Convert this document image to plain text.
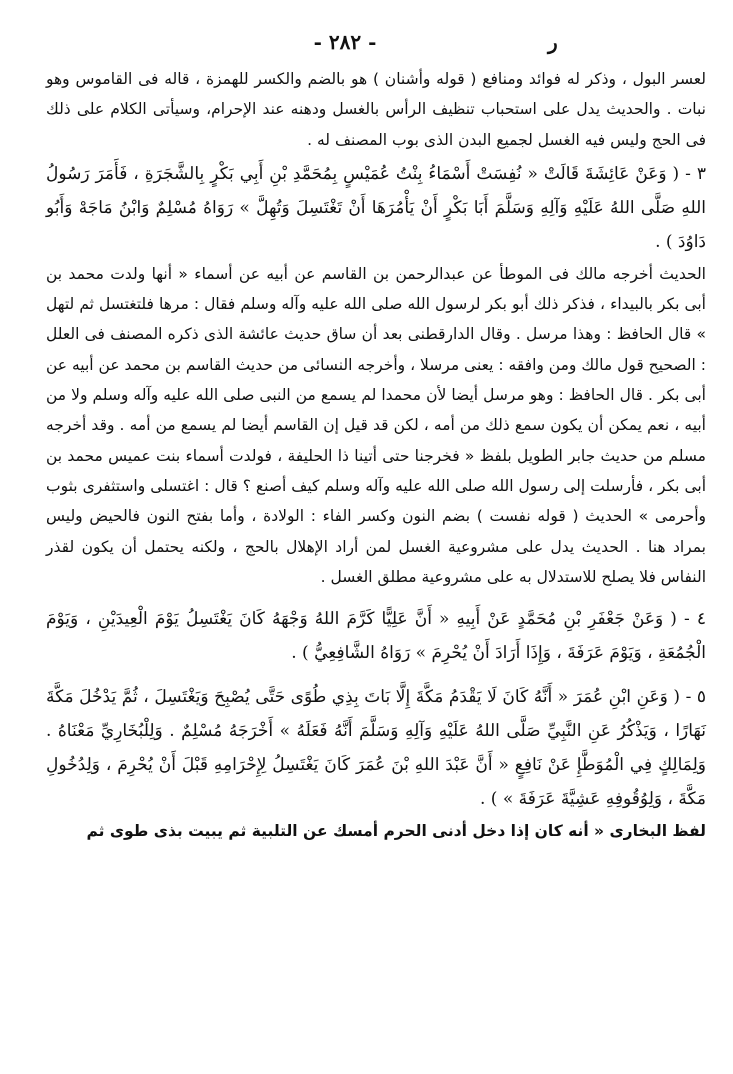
ر
- ٢٨٢ -

لعسر البول ، وذكر له فوائد ومنافع ( قوله وأشنان ) هو بالضم والكسر للهمزة ، قاله فى القاموس وهو نبات . والحديث يدل على استحباب تنظيف الرأس بالغسل ودهنه عند الإحرام، وسيأتى الكلام على ذلك فى الحج وليس فيه الغسل لجميع البدن الذى بوب المصنف له .

٣ - ( وَعَنْ عَائِشَةَ قَالَتْ « نُفِسَتْ أَسْمَاءُ بِنْتُ عُمَيْسٍ بِمُحَمَّدِ بْنِ أَبِي بَكْرٍ بِالشَّجَرَةِ ، فَأَمَرَ رَسُولُ اللهِ صَلَّى اللهُ عَلَيْهِ وَآلِهِ وَسَلَّمَ أَبَا بَكْرٍ أَنْ يَأْمُرَهَا أَنْ تَغْتَسِلَ وَتُهِلَّ » رَوَاهُ مُسْلِمٌ وَابْنُ مَاجَهْ وَأَبُو دَاوُدَ ) .

الحديث أخرجه مالك فى الموطأ عن عبدالرحمن بن القاسم عن أبيه عن أسماء « أنها ولدت محمد بن أبى بكر بالبيداء ، فذكر ذلك أبو بكر لرسول الله صلى الله عليه وآله وسلم فقال : مرها فلتغتسل ثم لتهل » قال الحافظ : وهذا مرسل . وقال الدارقطنى بعد أن ساق حديث عائشة الذى ذكره المصنف فى العلل : الصحيح قول مالك ومن وافقه : يعنى مرسلا ، وأخرجه النسائى من حديث القاسم بن محمد عن أبيه عن أبى بكر . قال الحافظ : وهو مرسل أيضا لأن محمدا لم يسمع من النبى صلى الله عليه وآله وسلم ولا من أبيه ، نعم يمكن أن يكون سمع ذلك من أمه ، لكن قد قيل إن القاسم أيضا لم يسمع من أمه . وقد أخرجه مسلم من حديث جابر الطويل بلفظ « فخرجنا حتى أتينا ذا الحليفة ، فولدت أسماء بنت عميس محمد بن أبى بكر ، فأرسلت إلى رسول الله صلى الله عليه وآله وسلم كيف أصنع ؟ قال : اغتسلى واستثفرى بثوب وأحرمى » الحديث ( قوله نفست ) بضم النون وكسر الفاء : الولادة ، وأما بفتح النون فالحيض وليس بمراد هنا . الحديث يدل على مشروعية الغسل لمن أراد الإهلال بالحج ، ولكنه يحتمل أن يكون لقذر النفاس فلا يصلح للاستدلال به على مشروعية مطلق الغسل .

٤ - ( وَعَنْ جَعْفَرِ بْنِ مُحَمَّدٍ عَنْ أَبِيهِ « أَنَّ عَلِيًّا كَرَّمَ اللهُ وَجْهَهُ كَانَ يَغْتَسِلُ يَوْمَ الْعِيدَيْنِ ، وَيَوْمَ الْجُمُعَةِ ، وَيَوْمَ عَرَفَةَ ، وَإِذَا أَرَادَ أَنْ يُحْرِمَ » رَوَاهُ الشَّافِعِيُّ ) .

٥ - ( وَعَنِ ابْنِ عُمَرَ « أَنَّهُ كَانَ لَا يَقْدَمُ مَكَّةَ إِلَّا بَاتَ بِذِي طُوًى حَتَّى يُصْبِحَ وَيَغْتَسِلَ ، ثُمَّ يَدْخُلَ مَكَّةَ نَهَارًا ، وَيَذْكُرُ عَنِ النَّبِيِّ صَلَّى اللهُ عَلَيْهِ وَآلِهِ وَسَلَّمَ أَنَّهُ فَعَلَهُ » أَخْرَجَهُ مُسْلِمٌ . وَلِلْبُخَارِيِّ مَعْنَاهُ . وَلِمَالِكٍ فِي الْمُوَطَّإِ عَنْ نَافِعٍ « أَنَّ عَبْدَ اللهِ بْنَ عُمَرَ كَانَ يَغْتَسِلُ لِإِحْرَامِهِ قَبْلَ أَنْ يُحْرِمَ ، وَلِدُخُولِ مَكَّةَ ، وَلِوُقُوفِهِ عَشِيَّةَ عَرَفَةَ » ) .

لفظ البخارى « أنه كان إذا دخل أدنى الحرم أمسك عن التلبية ثم يبيت بذى طوى ثم
